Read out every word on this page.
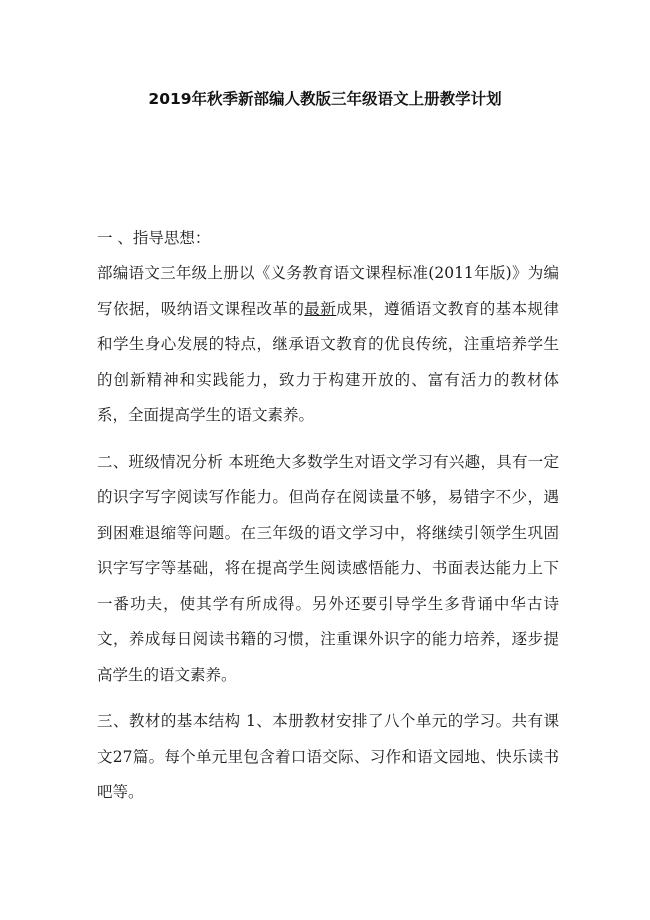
2019年秋季新部编人教版三年级语文上册教学计划
一 、指导思想：
部编语文三年级上册以《义务教育语文课程标准(2011年版)》为编写依据，吸纳语文课程改革的最新成果，遵循语文教育的基本规律和学生身心发展的特点，继承语文教育的优良传统，注重培养学生的创新精神和实践能力，致力于构建开放的、富有活力的教材体系，全面提高学生的语文素养。
二、班级情况分析 本班绝大多数学生对语文学习有兴趣，具有一定的识字写字阅读写作能力。但尚存在阅读量不够，易错字不少，遇到困难退缩等问题。在三年级的语文学习中，将继续引领学生巩固识字写字等基础，将在提高学生阅读感悟能力、书面表达能力上下一番功夫，使其学有所成得。另外还要引导学生多背诵中华古诗文，养成每日阅读书籍的习惯，注重课外识字的能力培养，逐步提高学生的语文素养。
三、教材的基本结构 1、本册教材安排了八个单元的学习。共有课文27篇。每个单元里包含着口语交际、习作和语文园地、快乐读书吧等。
